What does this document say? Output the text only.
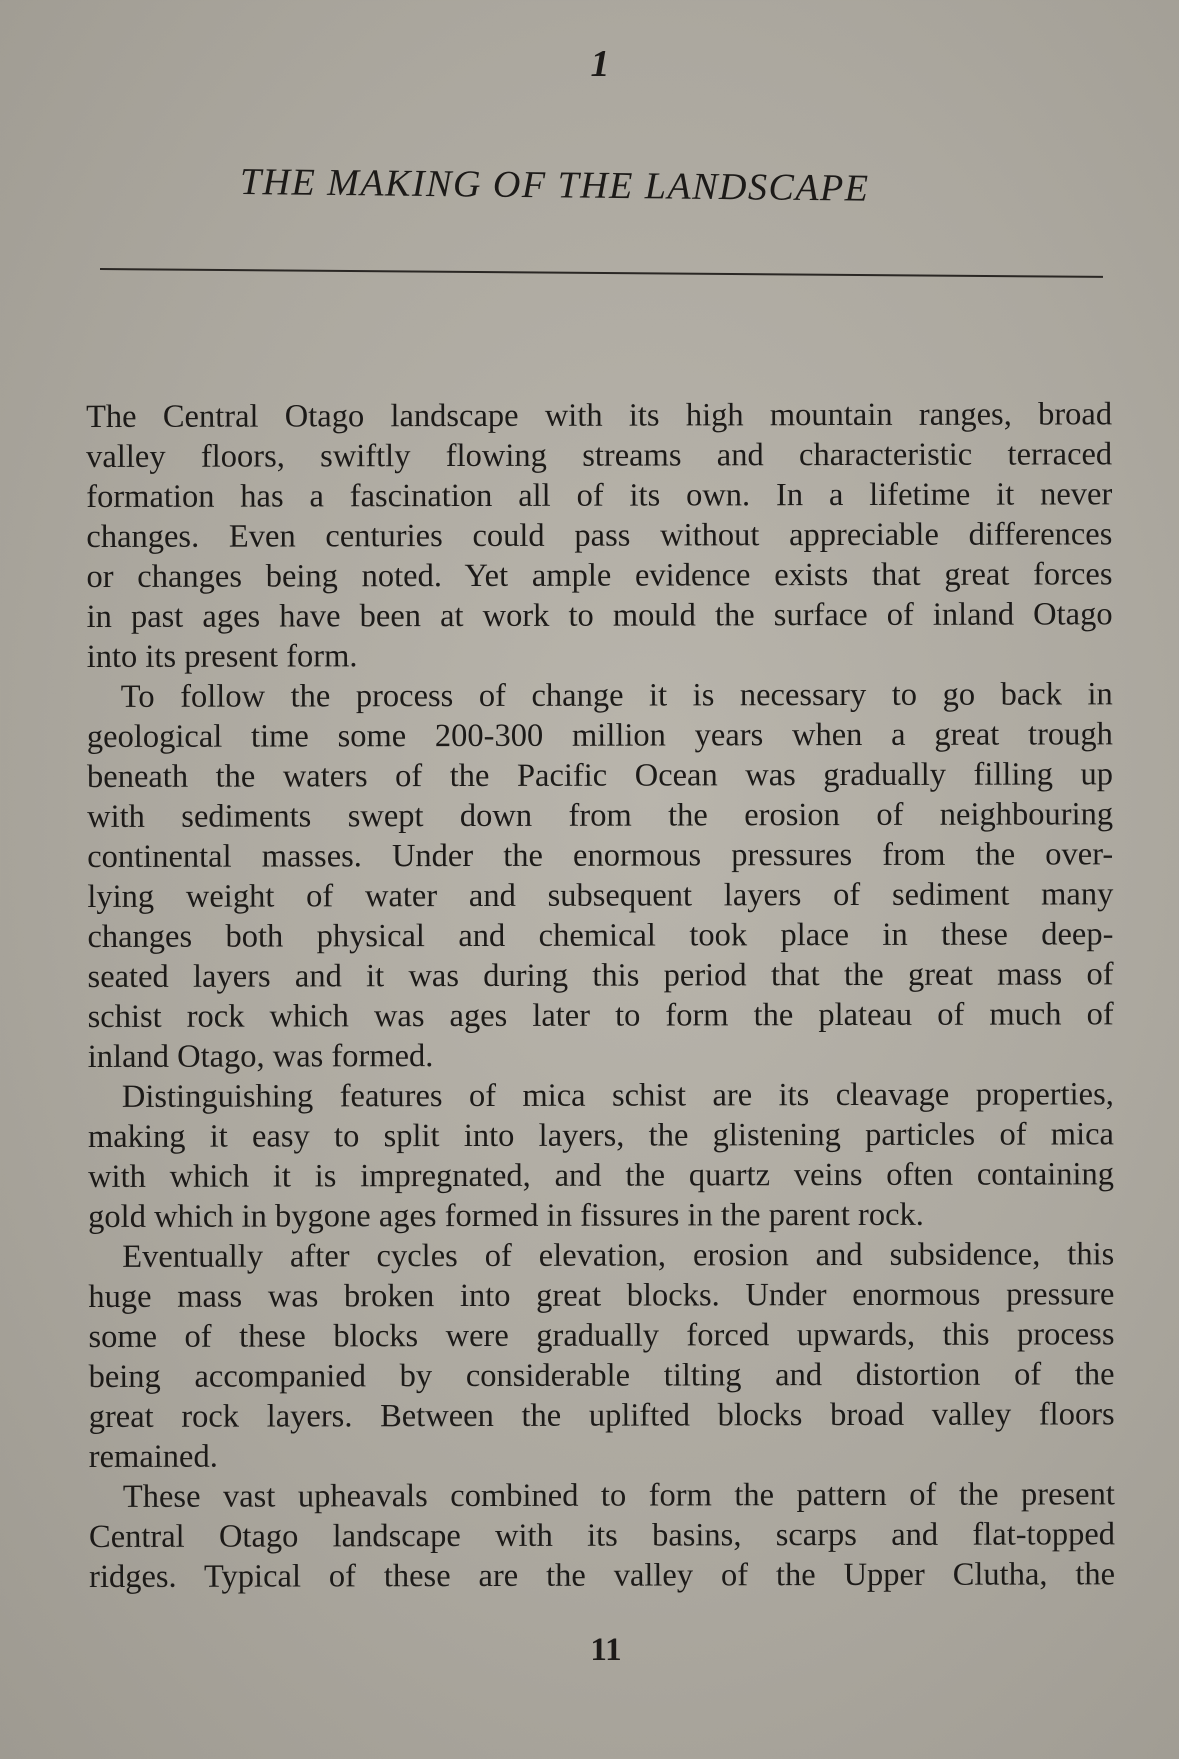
1
THE MAKING OF THE LANDSCAPE
The Central Otago landscape with its high mountain ranges, broad
valley floors, swiftly flowing streams and characteristic terraced
formation has a fascination all of its own. In a lifetime it never
changes. Even centuries could pass without appreciable differences
or changes being noted. Yet ample evidence exists that great forces
in past ages have been at work to mould the surface of inland Otago
into its present form.
To follow the process of change it is necessary to go back in
geological time some 200-300 million years when a great trough
beneath the waters of the Pacific Ocean was gradually filling up
with sediments swept down from the erosion of neighbouring
continental masses. Under the enormous pressures from the over-
lying weight of water and subsequent layers of sediment many
changes both physical and chemical took place in these deep-
seated layers and it was during this period that the great mass of
schist rock which was ages later to form the plateau of much of
inland Otago, was formed.
Distinguishing features of mica schist are its cleavage properties,
making it easy to split into layers, the glistening particles of mica
with which it is impregnated, and the quartz veins often containing
gold which in bygone ages formed in fissures in the parent rock.
Eventually after cycles of elevation, erosion and subsidence, this
huge mass was broken into great blocks. Under enormous pressure
some of these blocks were gradually forced upwards, this process
being accompanied by considerable tilting and distortion of the
great rock layers. Between the uplifted blocks broad valley floors
remained.
These vast upheavals combined to form the pattern of the present
Central Otago landscape with its basins, scarps and flat-topped
ridges. Typical of these are the valley of the Upper Clutha, the
11
